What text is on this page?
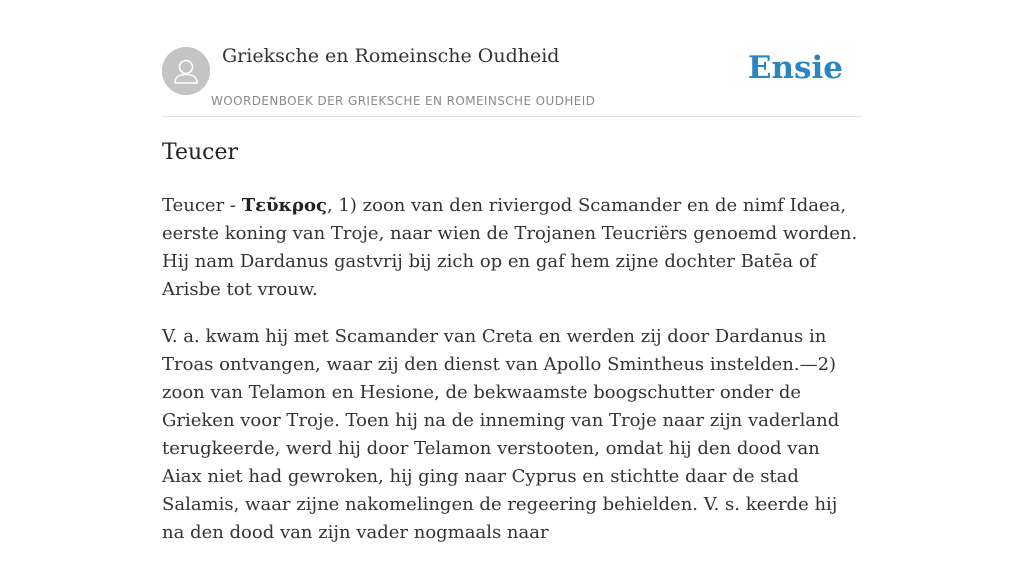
Grieksche en Romeinsche Oudheid
WOORDENBOEK DER GRIEKSCHE EN ROMEINSCHE OUDHEID
Ensie
Teucer

Teucer - Τεῦκρος, 1) zoon van den riviergod Scamander en de nimf Idaea, eerste koning van Troje, naar wien de Trojanen Teucriërs genoemd worden. Hij nam Dardanus gastvrij bij zich op en gaf hem zijne dochter Batēa of Arisbe tot vrouw.

V. a. kwam hij met Scamander van Creta en werden zij door Dardanus in Troas ontvangen, waar zij den dienst van Apollo Smintheus instelden.—2) zoon van Telamon en Hesione, de bekwaamste boogschutter onder de Grieken voor Troje. Toen hij na de inneming van Troje naar zijn vaderland terugkeerde, werd hij door Telamon verstooten, omdat hij den dood van Aiax niet had gewroken, hij ging naar Cyprus en stichtte daar de stad Salamis, waar zijne nakomelingen de regeering behielden. V. s. keerde hij na den dood van zijn vader nogmaals naar
